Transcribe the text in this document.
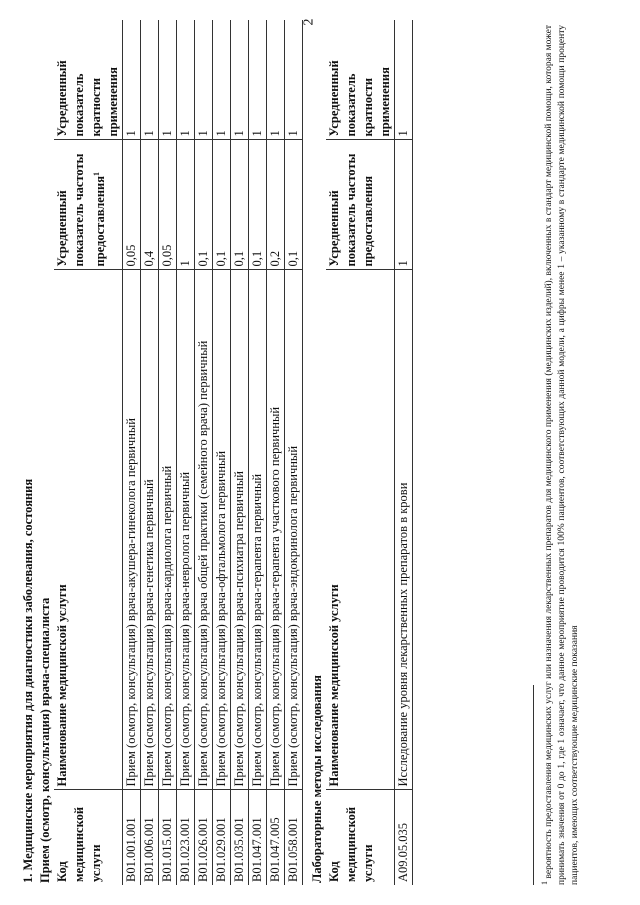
2
1. Медицинские мероприятия для диагностики заболевания, состояния Прием (осмотр, консультация) врача-специалиста Код медицинской услуги	Наименование медицинской услуги	Усредненный показатель частоты предоставления$^1$	Усредненный показатель кратности применения
B01.001.001	Прием (осмотр, консультация) врача-акушера-гинеколога первичный	0,05	1
B01.006.001	Прием (осмотр, консультация) врача-генетика первичный	0,4	1
B01.015.001	Прием (осмотр, консультация) врача-кардиолога первичный	0,05	1
B01.023.001	Прием (осмотр, консультация) врача-невролога первичный	1	1
B01.026.001	Прием (осмотр, консультация) врача общей практики (семейного врача) первичный	0,1	1
B01.029.001	Прием (осмотр, консультация) врача-офтальмолога первичный	0,1	1
B01.035.001	Прием (осмотр, консультация) врача-психиатра первичный	0,1	1
B01.047.001	Прием (осмотр, консультация) врача-терапевта первичный	0,1	1
B01.047.005	Прием (осмотр, консультация) врача-терапевта участкового первичный	0,2	1
B01.058.001	Прием (осмотр, консультация) врача-эндокринолога первичный	0,1	1
Лабораторные методы исследования Код медицинской услуги	Наименование медицинской услуги	Усредненный показатель частоты предоставления	Усредненный показатель кратности применения
A09.05.035	Исследование уровня лекарственных препаратов в крови	1	1
$^1$ вероятность предоставления медицинских услуг или назначения лекарственных препаратов для медицинского применения (медицинских изделий), включенных в стандарт медицинской помощи, которая может принимать значения от 0 до 1, где 1 означает, что данное мероприятие проводится 100% пациентов, соответствующих данной модели, а цифры менее 1 – указанному в стандарте медицинской помощи проценту пациентов, имеющих соответствующие медицинские показания
